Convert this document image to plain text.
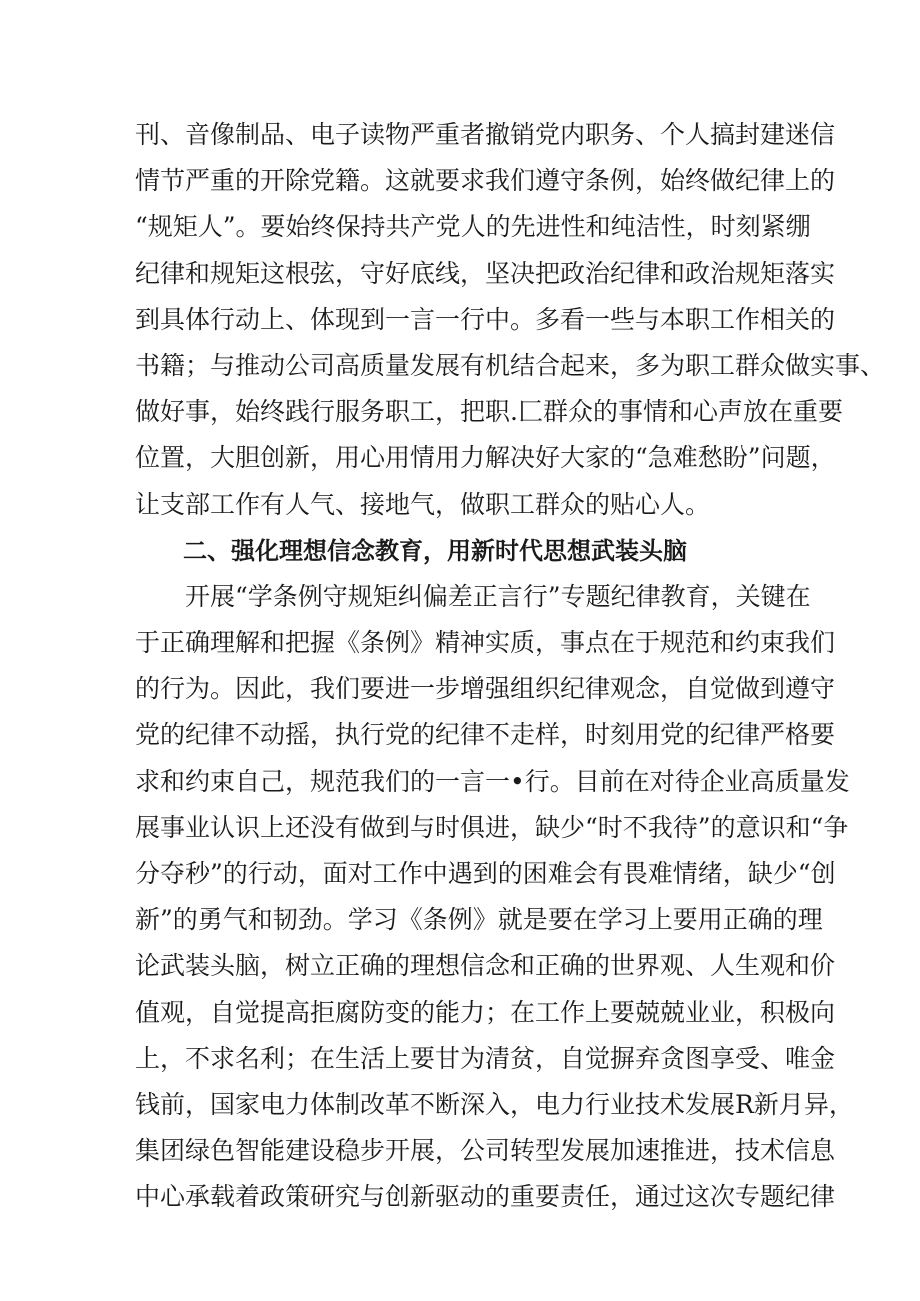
刊、音像制品、电子读物严重者撤销党内职务、个人搞封建迷信
情节严重的开除党籍。这就要求我们遵守条例，始终做纪律上的
“规矩人”。要始终保持共产党人的先进性和纯洁性，时刻紧绷
纪律和规矩这根弦，守好底线，坚决把政治纪律和政治规矩落实
到具体行动上、体现到一言一行中。多看一些与本职工作相关的
书籍；与推动公司高质量发展有机结合起来，多为职工群众做实事、
做好事，始终践行服务职工，把职.匚群众的事情和心声放在重要
位置，大胆创新，用心用情用力解决好大家的“急难愁盼”问题，
让支部工作有人气、接地气，做职工群众的贴心人。
二、强化理想信念教育，用新时代思想武装头脑
开展“学条例守规矩纠偏差正言行”专题纪律教育，关键在
于正确理解和把握《条例》精神实质，事点在于规范和约束我们
的行为。因此，我们要进一步增强组织纪律观念，自觉做到遵守
党的纪律不动摇，执行党的纪律不走样，时刻用党的纪律严格要
求和约束自己，规范我们的一言一•行。目前在对待企业高质量发
展事业认识上还没有做到与时俱进，缺少“时不我待”的意识和“争
分夺秒”的行动，面对工作中遇到的困难会有畏难情绪，缺少“创
新”的勇气和韧劲。学习《条例》就是要在学习上要用正确的理
论武装头脑，树立正确的理想信念和正确的世界观、人生观和价
值观，自觉提高拒腐防变的能力；在工作上要兢兢业业，积极向
上，不求名利；在生活上要甘为清贫，自觉摒弃贪图享受、唯金
钱前，国家电力体制改革不断深入，电力行业技术发展R新月异，
集团绿色智能建设稳步开展，公司转型发展加速推进，技术信息
中心承载着政策研究与创新驱动的重要责任，通过这次专题纪律
